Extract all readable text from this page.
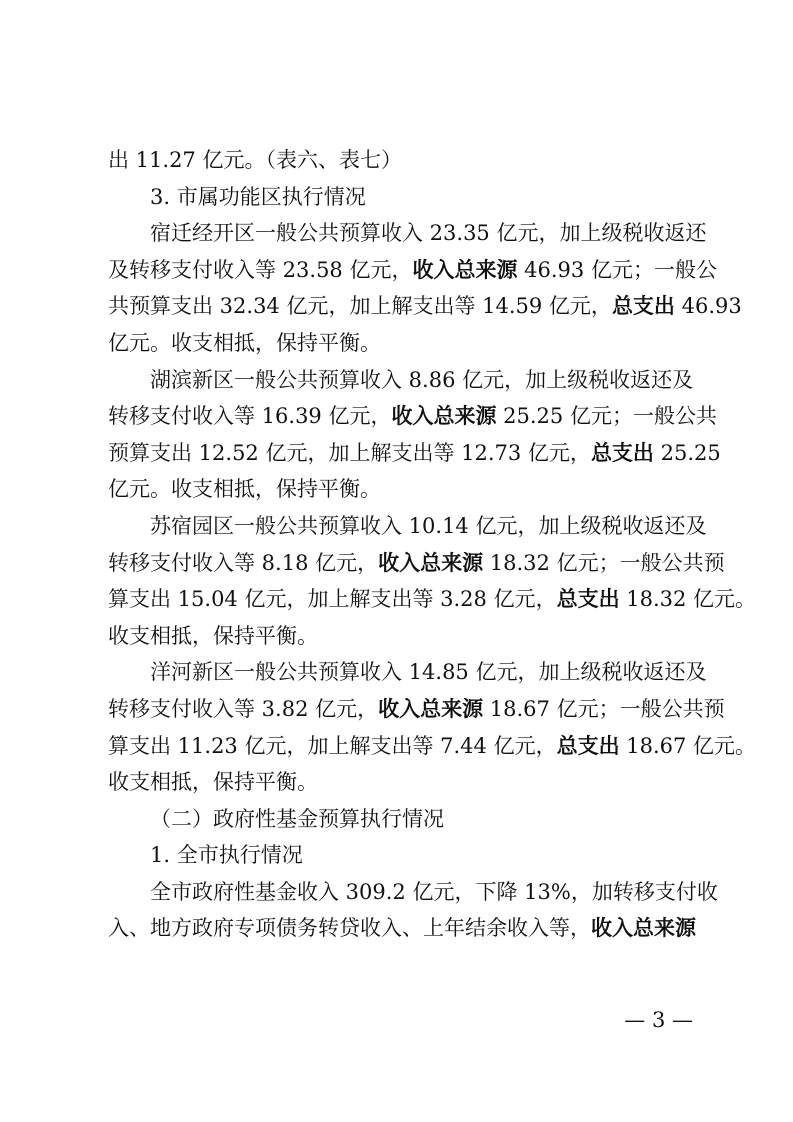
出 11.27 亿元。（表六、表七）
3. 市属功能区执行情况
宿迁经开区一般公共预算收入 23.35 亿元，加上级税收返还
及转移支付收入等 23.58 亿元，收入总来源 46.93 亿元；一般公
共预算支出 32.34 亿元，加上解支出等 14.59 亿元，总支出 46.93
亿元。收支相抵，保持平衡。
湖滨新区一般公共预算收入 8.86 亿元，加上级税收返还及
转移支付收入等 16.39 亿元，收入总来源 25.25 亿元；一般公共
预算支出 12.52 亿元，加上解支出等 12.73 亿元，总支出 25.25
亿元。收支相抵，保持平衡。
苏宿园区一般公共预算收入 10.14 亿元，加上级税收返还及
转移支付收入等 8.18 亿元，收入总来源 18.32 亿元；一般公共预
算支出 15.04 亿元，加上解支出等 3.28 亿元，总支出 18.32 亿元。
收支相抵，保持平衡。
洋河新区一般公共预算收入 14.85 亿元，加上级税收返还及
转移支付收入等 3.82 亿元，收入总来源 18.67 亿元；一般公共预
算支出 11.23 亿元，加上解支出等 7.44 亿元，总支出 18.67 亿元。
收支相抵，保持平衡。
（二）政府性基金预算执行情况
1. 全市执行情况
全市政府性基金收入 309.2 亿元，下降 13%，加转移支付收
入、地方政府专项债务转贷收入、上年结余收入等，收入总来源
— 3 —
